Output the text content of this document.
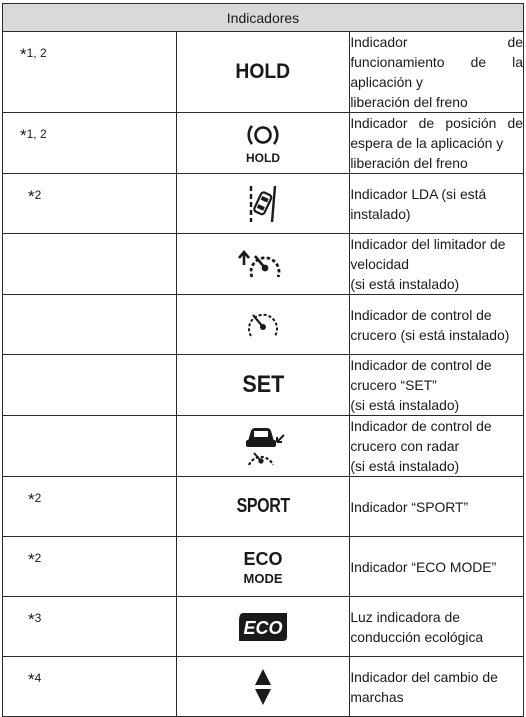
Indicadores		

*1, 2	HOLD	Indicador de funcionamiento de la aplicación y
liberación del freno

*1, 2	HOLD	Indicador de posición de espera de la aplicación y
liberación del freno

*2		Indicador LDA (si está instalado)

Indicador del limitador de velocidad
(si está instalado)

Indicador de control de crucero (si está instalado)

	SET	Indicador de control de crucero “SET”
(si está instalado)

Indicador de control de crucero con radar
(si está instalado)

*2	SPORT	Indicador “SPORT”

*2	ECO
MODE	Indicador “ECO MODE”

*3	ECO	Luz indicadora de conducción ecológica

*4		Indicador del cambio de marchas
